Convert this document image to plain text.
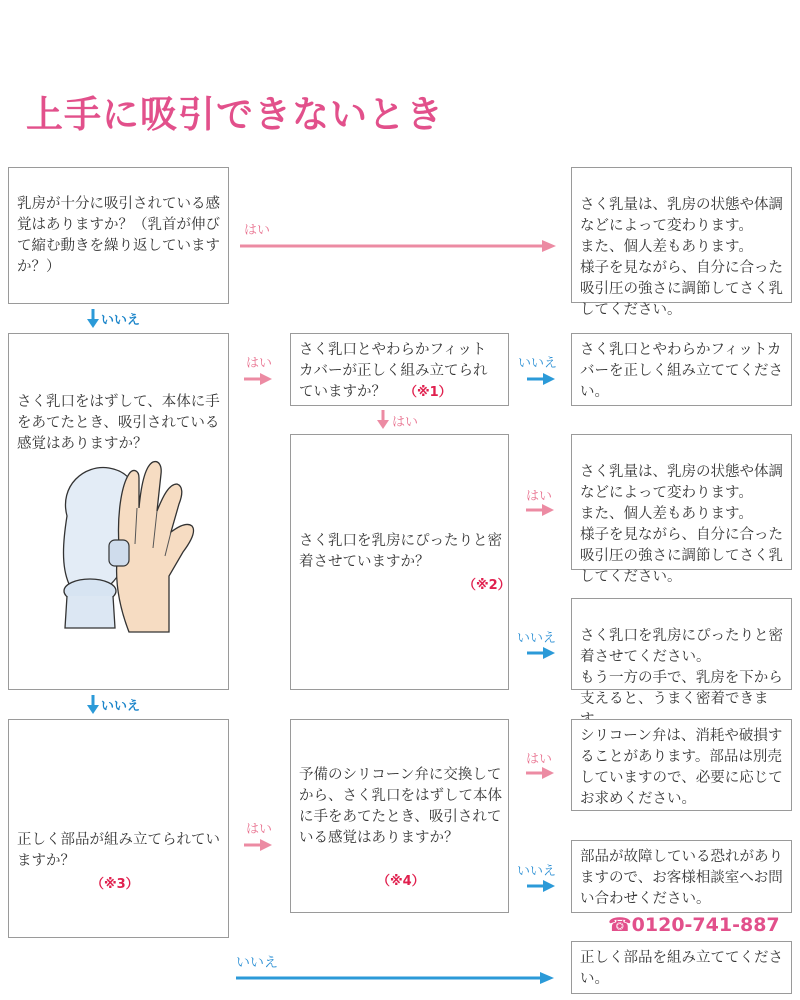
上手に吸引できないとき
乳房が十分に吸引されている感覚はありますか？（乳首が伸びて縮む動きを繰り返していますか？）
はい

さく乳量は、乳房の状態や体調などによって変わります。
また、個人差もあります。
様子を見ながら、自分に合った吸引圧の強さに調節してさく乳してください。

いいえ
さく乳口をはずして、本体に手をあてたとき、吸引されている感覚はありますか？
はい
さく乳口とやわらかフィットカバーが正しく組み立てられていますか？ （※1）
いいえ
さく乳口とやわらかフィットカバーを正しく組み立ててください。
はい
さく乳口を乳房にぴったりと密着させていますか？
（※2）
はい

さく乳量は、乳房の状態や体調などによって変わります。
また、個人差もあります。
様子を見ながら、自分に合った吸引圧の強さに調節してさく乳してください。

いいえ さく乳口を乳房にぴったりと密着させてください。
もう一方の手で、乳房を下から支えると、うまく密着できま

いいえ
正しく部品が組み立てられていますか？
（※3）
はい
予備のシリコーン弁に交換してから、さく乳口をはずして本体に手をあてたとき、吸引されている感覚はありますか？
（※4）
はい
シリコーン弁は、消耗や破損することがあります。部品は別売していますので、必要に応じてお求めください。
いいえ
部品が故障している恐れがありますので、お客様相談室へお問い合わせください。
☎0120-741-887
いいえ	正しく部品を組み立ててください。
